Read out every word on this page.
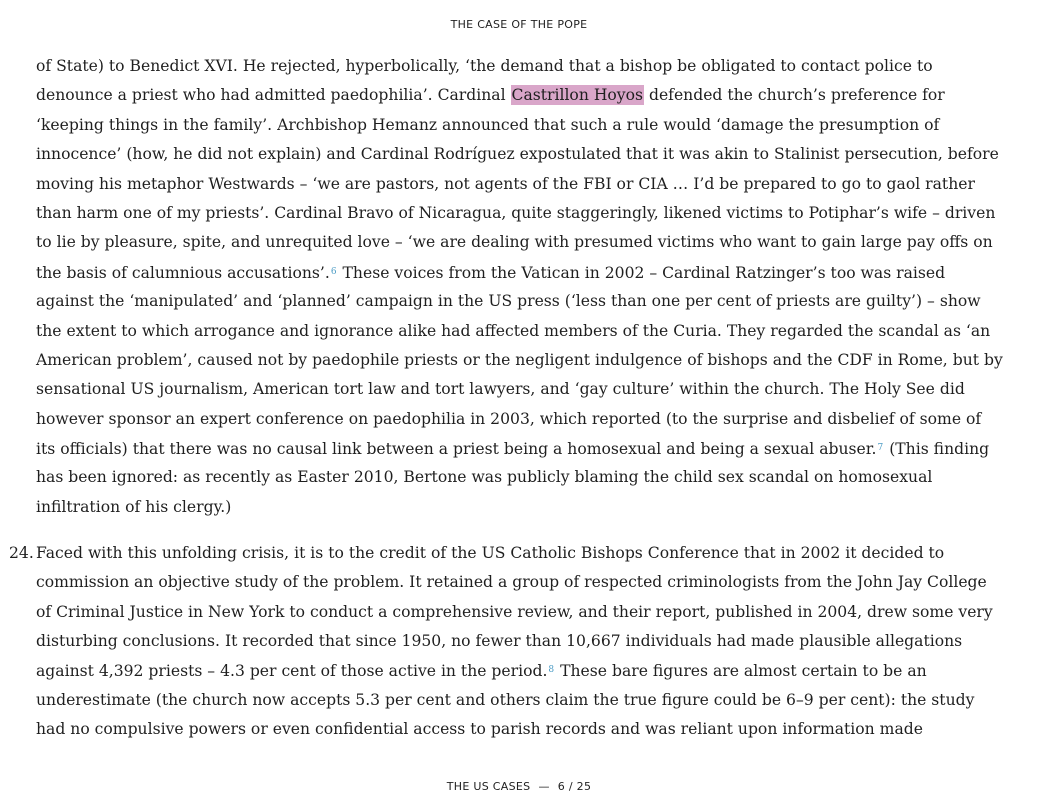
THE CASE OF THE POPE
of State) to Benedict XVI. He rejected, hyperbolically, ‘the demand that a bishop be obligated to contact police to
denounce a priest who had admitted paedophilia’. Cardinal Castrillon Hoyos defended the church’s preference for
‘keeping things in the family’. Archbishop Hemanz announced that such a rule would ‘damage the presumption of
innocence’ (how, he did not explain) and Cardinal Rodríguez expostulated that it was akin to Stalinist persecution, before
moving his metaphor Westwards – ‘we are pastors, not agents of the FBI or CIA … I’d be prepared to go to gaol rather
than harm one of my priests’. Cardinal Bravo of Nicaragua, quite staggeringly, likened victims to Potiphar’s wife – driven
to lie by pleasure, spite, and unrequited love – ‘we are dealing with presumed victims who want to gain large pay offs on
the basis of calumnious accusations’.$^6$ These voices from the Vatican in 2002 – Cardinal Ratzinger’s too was raised
against the ‘manipulated’ and ‘planned’ campaign in the US press (‘less than one per cent of priests are guilty’) – show
the extent to which arrogance and ignorance alike had affected members of the Curia. They regarded the scandal as ‘an
American problem’, caused not by paedophile priests or the negligent indulgence of bishops and the CDF in Rome, but by
sensational US journalism, American tort law and tort lawyers, and ‘gay culture’ within the church. The Holy See did
however sponsor an expert conference on paedophilia in 2003, which reported (to the surprise and disbelief of some of
its officials) that there was no causal link between a priest being a homosexual and being a sexual abuser.$^7$ (This finding
has been ignored: as recently as Easter 2010, Bertone was publicly blaming the child sex scandal on homosexual
infiltration of his clergy.)
24. Faced with this unfolding crisis, it is to the credit of the US Catholic Bishops Conference that in 2002 it decided to
commission an objective study of the problem. It retained a group of respected criminologists from the John Jay College
of Criminal Justice in New York to conduct a comprehensive review, and their report, published in 2004, drew some very
disturbing conclusions. It recorded that since 1950, no fewer than 10,667 individuals had made plausible allegations
against 4,392 priests – 4.3 per cent of those active in the period.$^8$ These bare figures are almost certain to be an
underestimate (the church now accepts 5.3 per cent and others claim the true figure could be 6–9 per cent): the study
had no compulsive powers or even confidential access to parish records and was reliant upon information made
THE US CASES — 6 / 25
